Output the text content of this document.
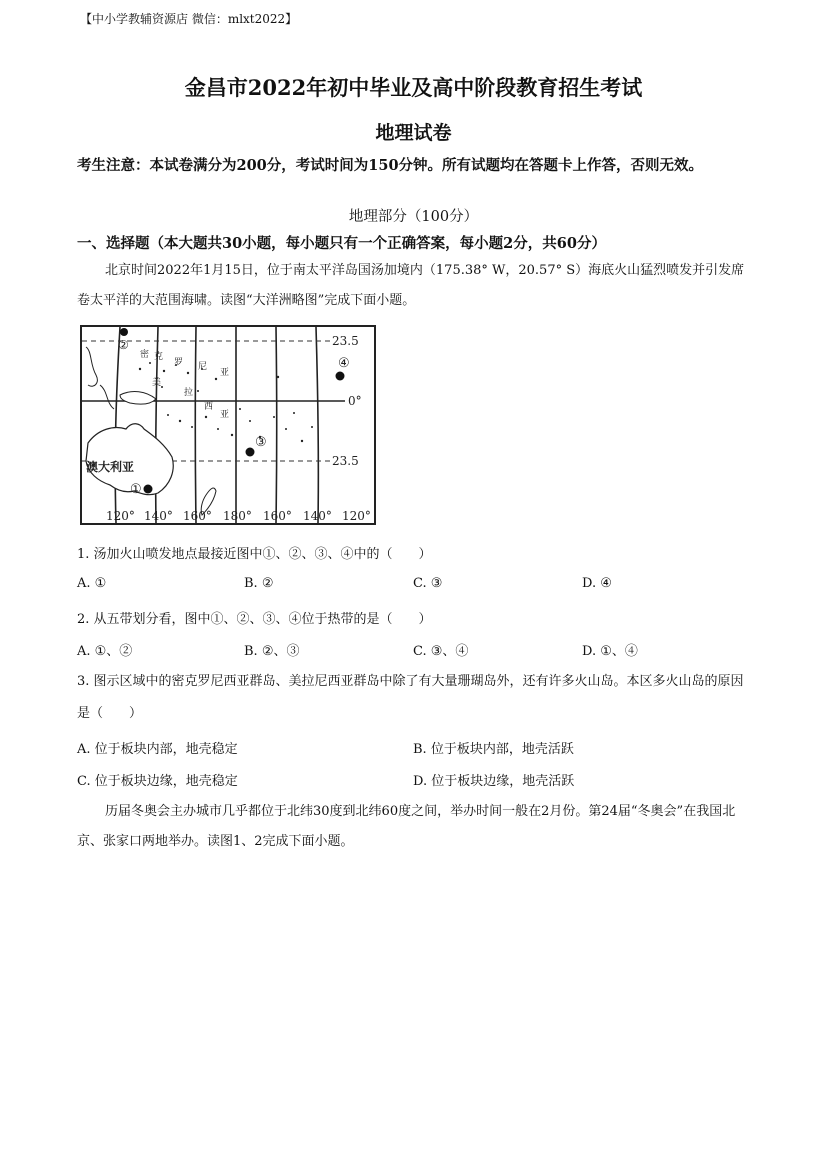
【中小学教辅资源店 微信：mlxt2022】
金昌市2022年初中毕业及高中阶段教育招生考试
地理试卷
考生注意：本试卷满分为200分，考试时间为150分钟。所有试题均在答题卡上作答，否则无效。
地理部分（100分）
一、选择题（本大题共30小题，每小题只有一个正确答案，每小题2分，共60分）
北京时间2022年1月15日，位于南太平洋岛国汤加境内（175.38° W，20.57° S）海底火山猛烈喷发并引发席卷太平洋的大范围海啸。读图“大洋洲略图”完成下面小题。
密 克
罗 尼
亚
美
拉
西
亚
澳大利亚
23.5
0°
23.5
120° 140° 160° 180° 160° 140° 120°
②
④
③
①
1. 汤加火山喷发地点最接近图中①、②、③、④中的（　　）
A. ①	B. ②	C. ③	D. ④
2. 从五带划分看，图中①、②、③、④位于热带的是（　　）
A. ①、②	B. ②、③	C. ③、④	D. ①、④
3. 图示区域中的密克罗尼西亚群岛、美拉尼西亚群岛中除了有大量珊瑚岛外，还有许多火山岛。本区多火山岛的原因是（　　）
A. 位于板块内部，地壳稳定	B. 位于板块内部，地壳活跃
C. 位于板块边缘，地壳稳定	D. 位于板块边缘，地壳活跃
历届冬奥会主办城市几乎都位于北纬30度到北纬60度之间，举办时间一般在2月份。第24届“冬奥会”在我国北京、张家口两地举办。读图1、2完成下面小题。
